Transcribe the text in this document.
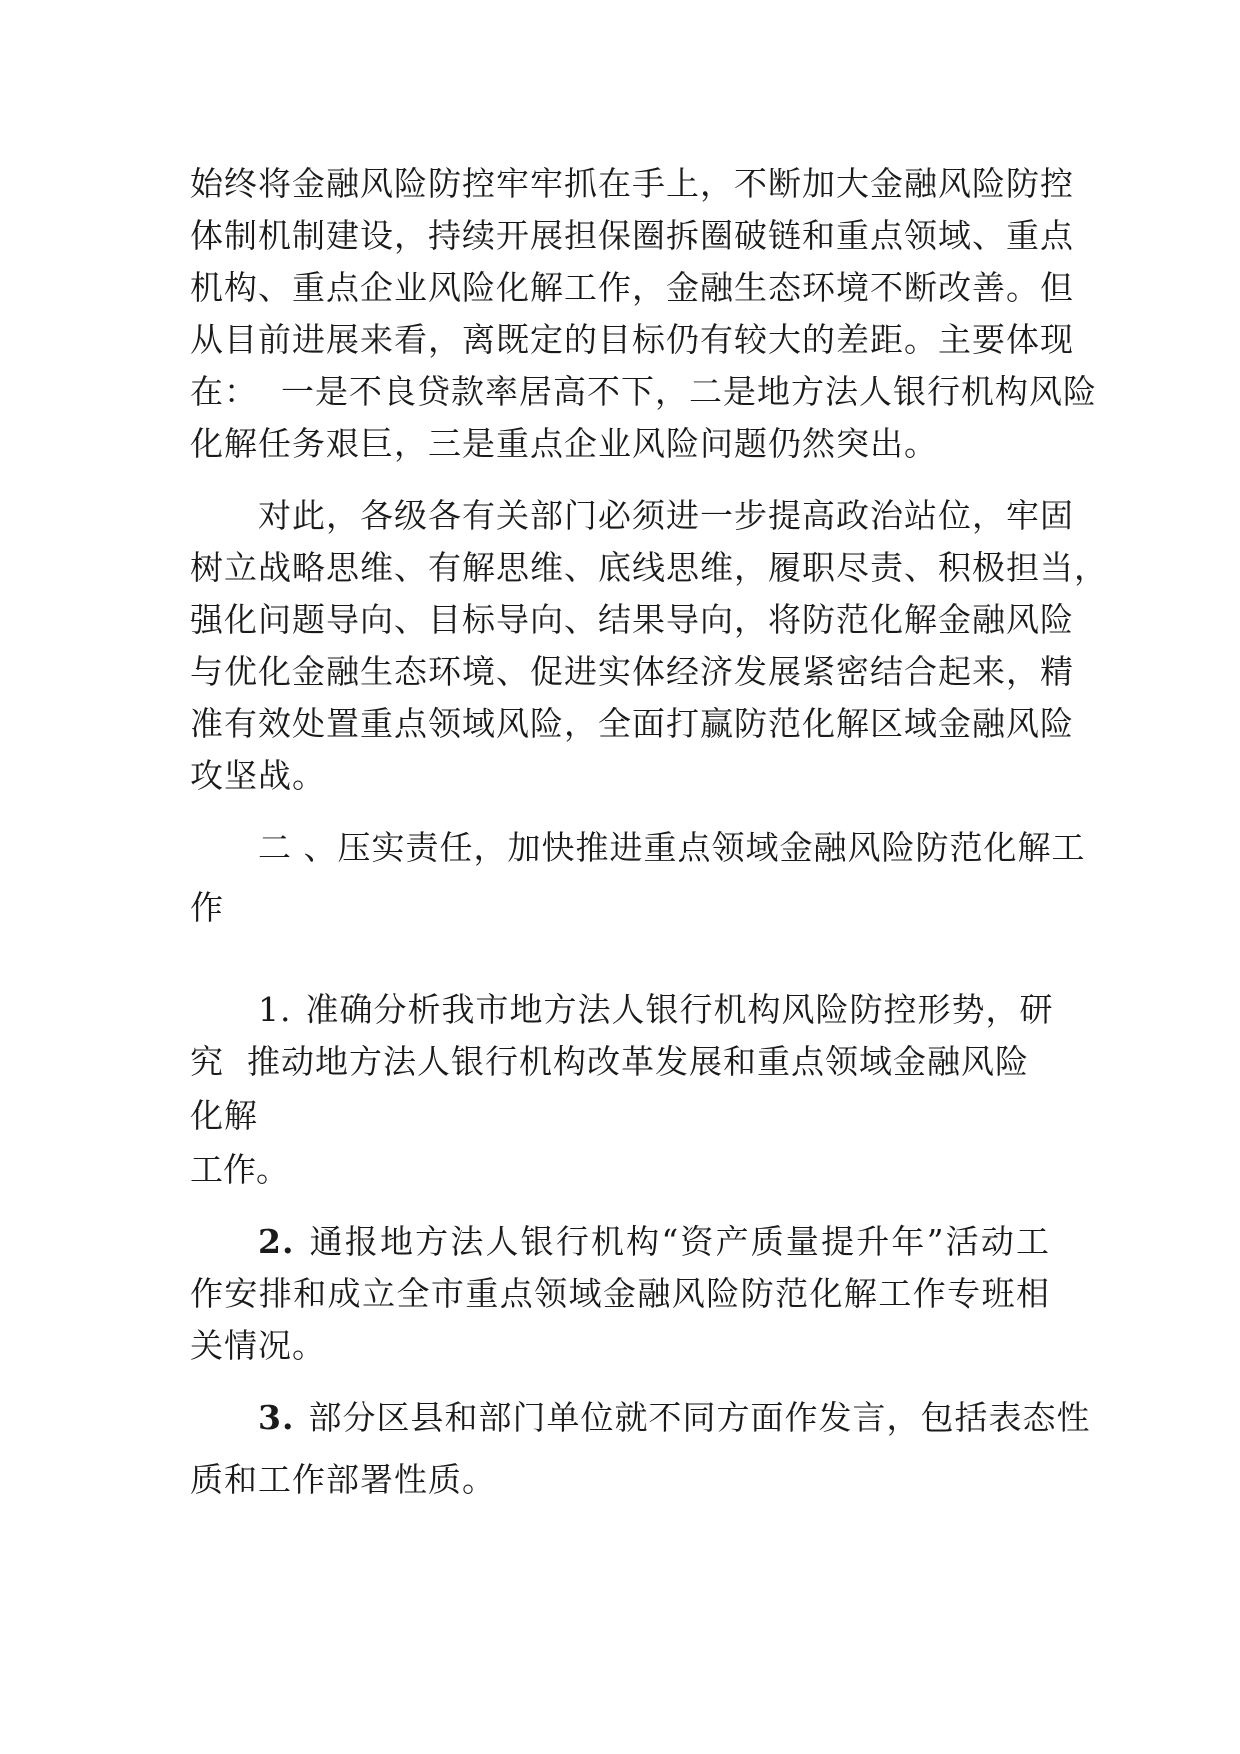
始终将金融风险防控牢牢抓在手上，不断加大金融风险防控
体制机制建设，持续开展担保圈拆圈破链和重点领域、重点
机构、重点企业风险化解工作，金融生态环境不断改善。但
从目前进展来看，离既定的目标仍有较大的差距。主要体现
在：  一是不良贷款率居高不下，二是地方法人银行机构风险
化解任务艰巨，三是重点企业风险问题仍然突出。
对此，各级各有关部门必须进一步提高政治站位，牢固
树立战略思维、有解思维、底线思维，履职尽责、积极担当，
强化问题导向、目标导向、结果导向，将防范化解金融风险
与优化金融生态环境、促进实体经济发展紧密结合起来，精
准有效处置重点领域风险，全面打赢防范化解区域金融风险
攻坚战。
二 、压实责任，加快推进重点领域金融风险防范化解工
作
1. 准确分析我市地方法人银行机构风险防控形势，研
究  推动地方法人银行机构改革发展和重点领域金融风险
化解
工作。
2. 通报地方法人银行机构“资产质量提升年”活动工
作安排和成立全市重点领域金融风险防范化解工作专班相
关情况。
3. 部分区县和部门单位就不同方面作发言，包括表态性
质和工作部署性质。
